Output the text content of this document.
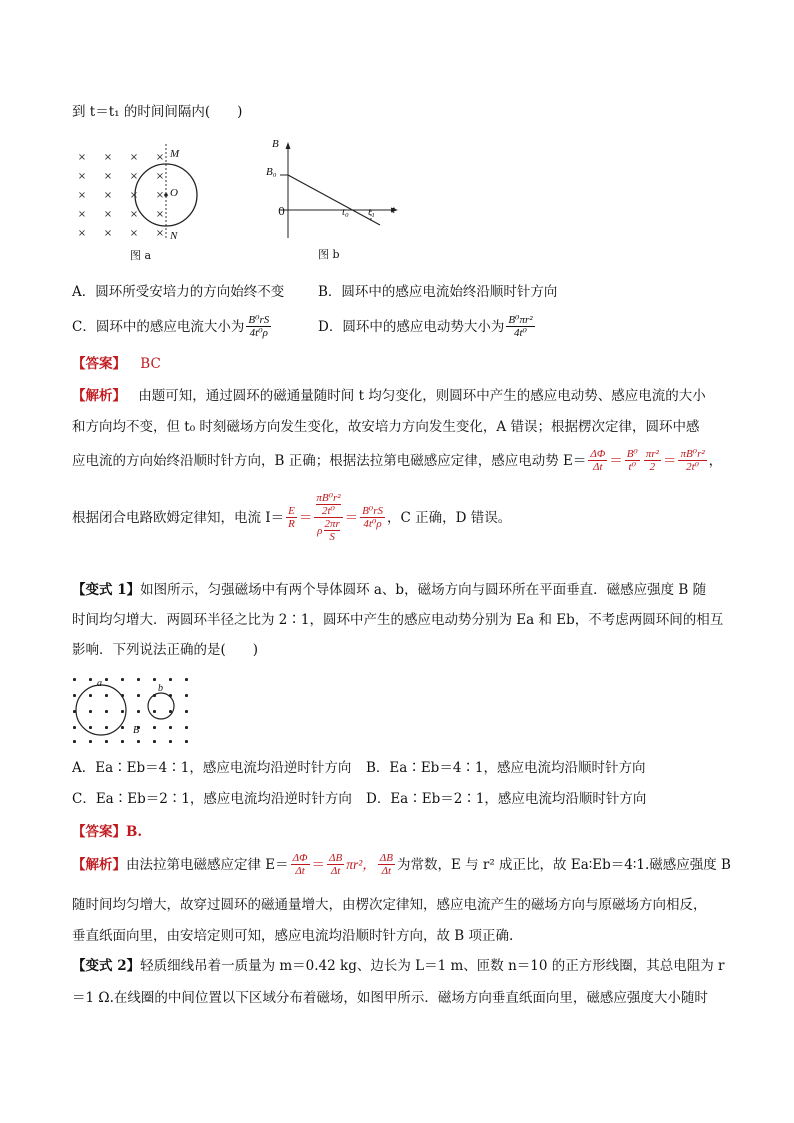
到 t＝t₁ 的时间间隔内(　　)
× × × ×
× × × ×
× × ×
× × × ×
× × × ×
×
M
O
N
图 a
B
B₀
0	t₀ t₁ t
图 b
A．圆环所受安培力的方向始终不变	B．圆环中的感应电流始终沿顺时针方向
C．圆环中的感应电流大小为 $\frac{\text{B⁰rS}}{\text{4t⁰ρ}}$	D．圆环中的感应电动势大小为 $\frac{\text{B⁰πr²}}{\text{4t⁰}}$
【答案】 BC
【解析】 由题可知，通过圆环的磁通量随时间 t 均匀变化，则圆环中产生的感应电动势、感应电流的大小
和方向均不变，但 t₀ 时刻磁场方向发生变化，故安培力方向发生变化，A 错误；根据楞次定律，圆环中感
应电流的方向始终沿顺时针方向，B 正确；根据法拉第电磁感应定律，感应电动势 $E= \frac{\Delta\Phi}{\Delta t} = \frac{\text{B⁰}}{\text{t⁰}} \frac{\text{πr²}}{2} = \frac{\text{πB⁰r²}}{\text{2t⁰}}$ ，
根据闭合电路欧姆定律知，电流 $I= \frac{E}{R} = \pi B^0r^2$
2t⁰
ρ
2πr
$S = \frac{\text{B⁰rS}}{\text{4t⁰ρ}}$ ，C 正确，D 错误。
【变式 1】如图所示，匀强磁场中有两个导体圆环 a、b，磁场方向与圆环所在平面垂直．磁感应强度 B 随
时间均匀增大．两圆环半径之比为 2∶1，圆环中产生的感应电动势分别为 Ea 和 Eb，不考虑两圆环间的相互
影响．下列说法正确的是(　　)
a	b
B
A．Ea∶Eb＝4∶1，感应电流均沿逆时针方向 B．Ea∶Eb＝4∶1，感应电流均沿顺时针方向
C．Ea∶Eb＝2∶1，感应电流均沿逆时针方向 D．Ea∶Eb＝2∶1，感应电流均沿顺时针方向
【答案】B.
【解析】 由法拉第电磁感应定律 $E= \frac{\Delta\Phi}{\Delta t} = \frac{\Delta B}{\Delta t} \pi r^2$， $\frac{\Delta B}{\Delta t}$ 为常数，E 与 r² 成正比，故 Ea∶Eb＝4∶1.磁感应强度 B
随时间均匀增大，故穿过圆环的磁通量增大，由楞次定律知，感应电流产生的磁场方向与原磁场方向相反，
垂直纸面向里，由安培定则可知，感应电流均沿顺时针方向，故 B 项正确.
【变式 2】轻质细线吊着一质量为 m＝0.42 kg、边长为 L＝1 m、匝数 n＝10 的正方形线圈，其总电阻为 r
＝1 Ω.在线圈的中间位置以下区域分布着磁场，如图甲所示．磁场方向垂直纸面向里，磁感应强度大小随时
